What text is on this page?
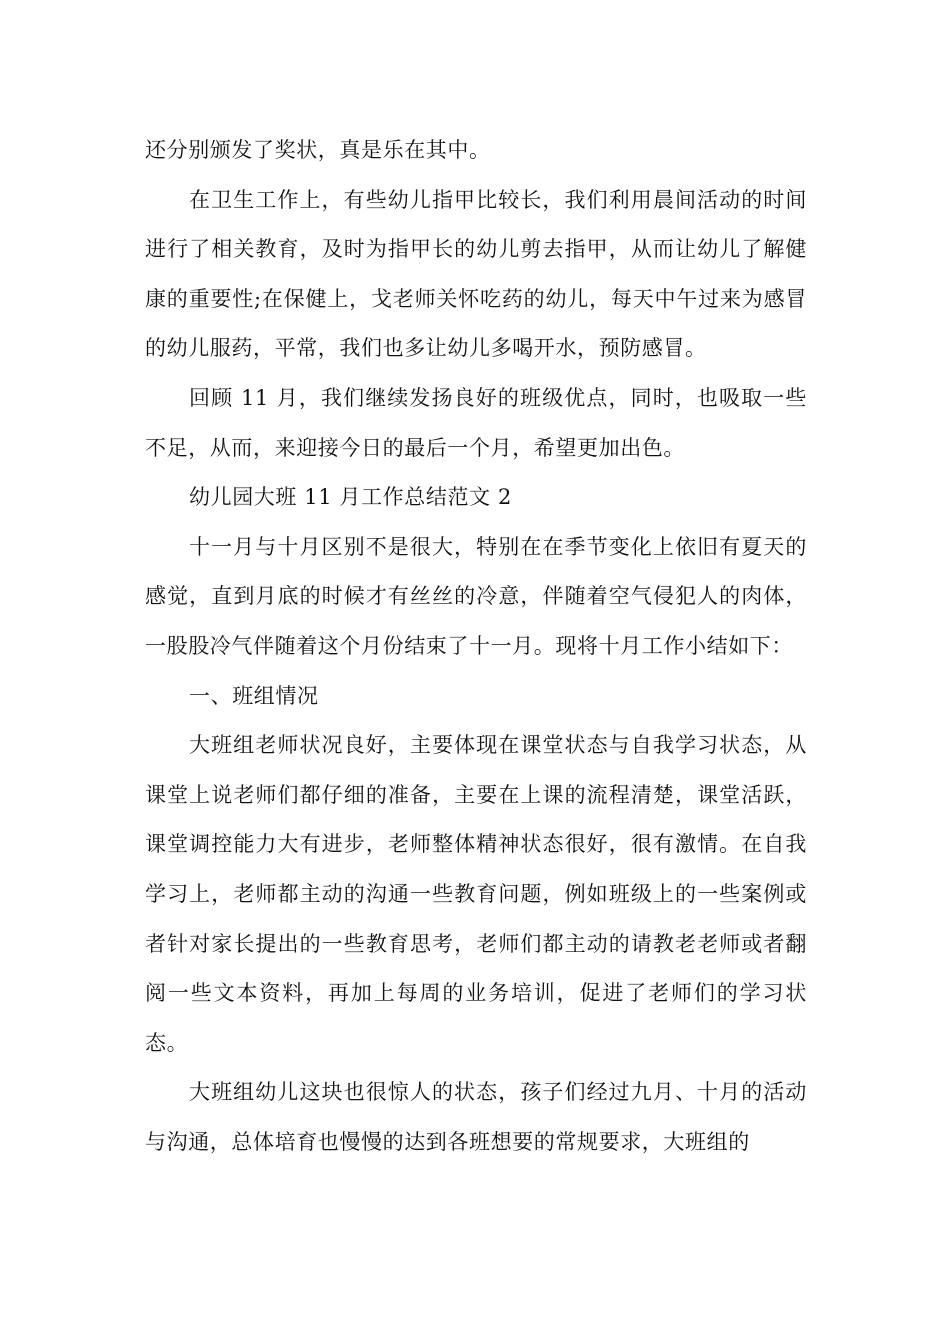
还分别颁发了奖状，真是乐在其中。

在卫生工作上，有些幼儿指甲比较长，我们利用晨间活动的时间进行了相关教育，及时为指甲长的幼儿剪去指甲，从而让幼儿了解健康的重要性;在保健上，戈老师关怀吃药的幼儿，每天中午过来为感冒的幼儿服药，平常，我们也多让幼儿多喝开水，预防感冒。

回顾 11 月，我们继续发扬良好的班级优点，同时，也吸取一些不足，从而，来迎接今日的最后一个月，希望更加出色。

幼儿园大班 11 月工作总结范文 2

十一月与十月区别不是很大，特别在在季节变化上依旧有夏天的感觉，直到月底的时候才有丝丝的冷意，伴随着空气侵犯人的肉体，一股股冷气伴随着这个月份结束了十一月。现将十月工作小结如下：

一、班组情况

大班组老师状况良好，主要体现在课堂状态与自我学习状态，从课堂上说老师们都仔细的准备，主要在上课的流程清楚，课堂活跃，课堂调控能力大有进步，老师整体精神状态很好，很有激情。在自我学习上，老师都主动的沟通一些教育问题，例如班级上的一些案例或者针对家长提出的一些教育思考，老师们都主动的请教老老师或者翻阅一些文本资料，再加上每周的业务培训，促进了老师们的学习状态。

大班组幼儿这块也很惊人的状态，孩子们经过九月、十月的活动与沟通，总体培育也慢慢的达到各班想要的常规要求，大班组的
